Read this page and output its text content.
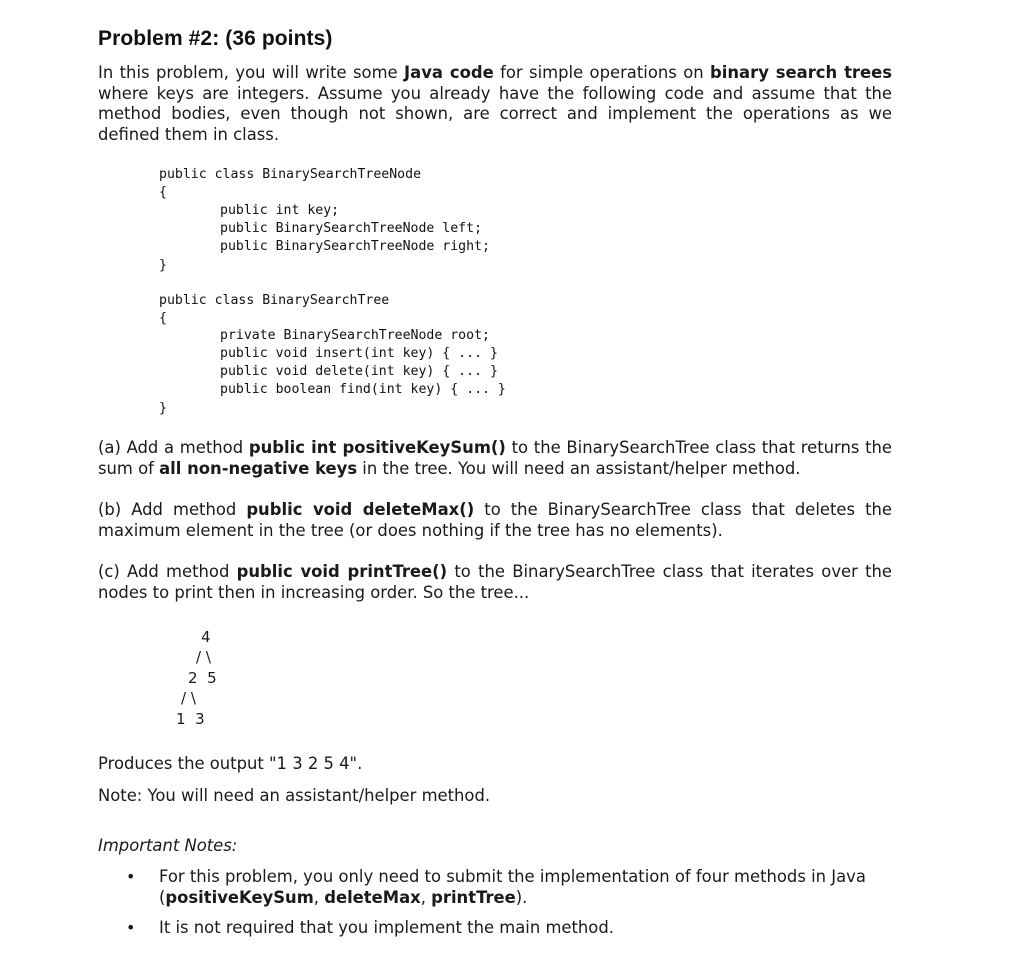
Problem #2: (36 points)
In this problem, you will write some Java code for simple operations on binary search trees where keys are integers. Assume you already have the following code and assume that the method bodies, even though not shown, are correct and implement the operations as we defined them in class.
public class BinarySearchTreeNode
{
public int key;
public BinarySearchTreeNode left;
public BinarySearchTreeNode right;
}
public class BinarySearchTree
{
private BinarySearchTreeNode root;
public void insert(int key) { ... }
public void delete(int key) { ... }
public boolean find(int key) { ... }
}
(a) Add a method public int positiveKeySum() to the BinarySearchTree class that returns the sum of all non-negative keys in the tree. You will need an assistant/helper method.
(b) Add method public void deleteMax() to the BinarySearchTree class that deletes the maximum element in the tree (or does nothing if the tree has no elements).
(c) Add method public void printTree() to the BinarySearchTree class that iterates over the nodes to print then in increasing order. So the tree...
4
/ \
2  5
/ \
1  3
Produces the output "1 3 2 5 4".
Note: You will need an assistant/helper method.
Important Notes:
• For this problem, you only need to submit the implementation of four methods in Java (positiveKeySum, deleteMax, printTree).
• It is not required that you implement the main method.
